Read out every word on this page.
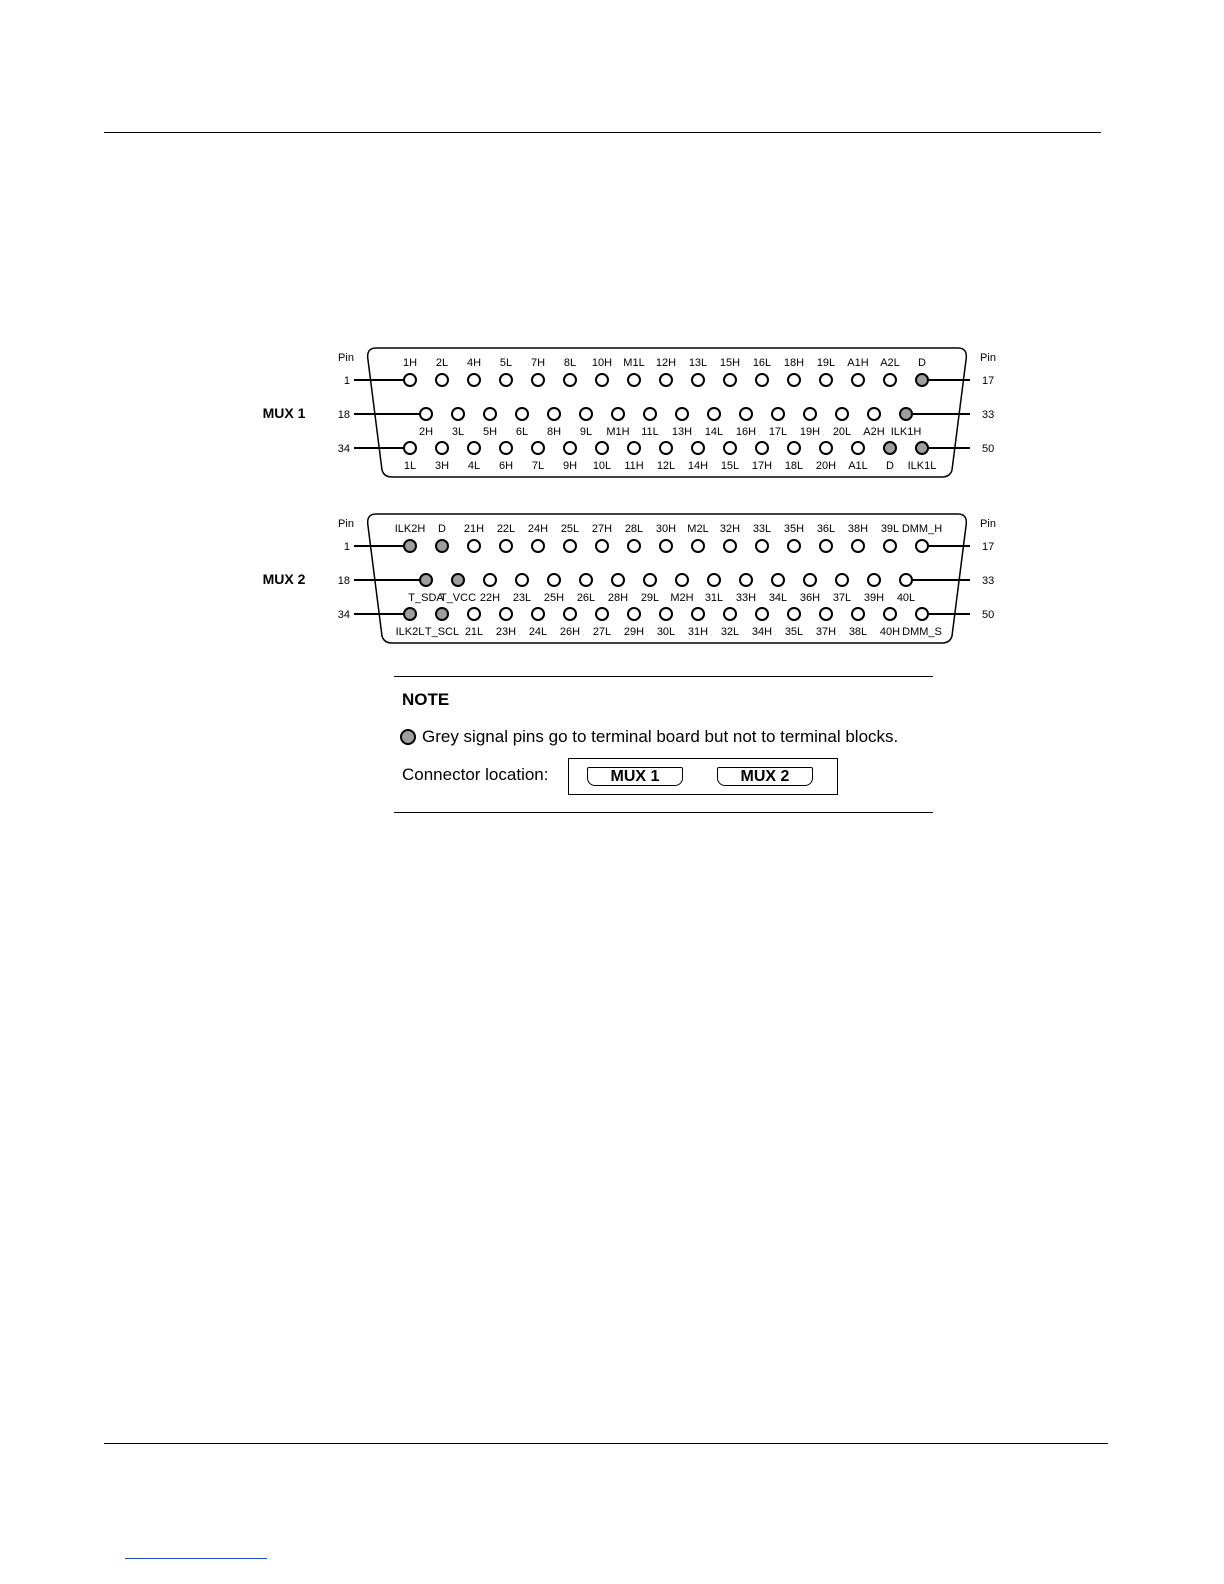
MUX 1
Pin	Pin
1	17
1H 2L 4H 5L 7H 8L 10H M1L 12H 13L 15H 16L 18H 19L A1H A2L D
18	33
2H 3L 5H 6L 8H 9L M1H 11L 13H 14L 16H 17L 19H 20L A2H ILK1H
34	50
1L 3H 4L 6H 7L 9H 10L 11H 12L 14H 15L 17H 18L 20H A1L D ILK1L
MUX 2
Pin	Pin
1	17
ILK2H D 21H 22L 24H 25L 27H 28L 30H M2L 32H 33L 35H 36L 38H 39L DMM_H
18	33
T_SDA
T_VCC 22H 23L 25H 26L 28H 29L M2H 31L 33H 34L 36H 37L 39H 40L
34	50
ILK2L T_SCL 21L 23H 24L 26H 27L 29H 30L 31H 32L 34H 35L 37H 38L 40H DMM_S
NOTE
Grey signal pins go to terminal board but not to terminal blocks.
Connector location:	MUX 1	MUX 2
